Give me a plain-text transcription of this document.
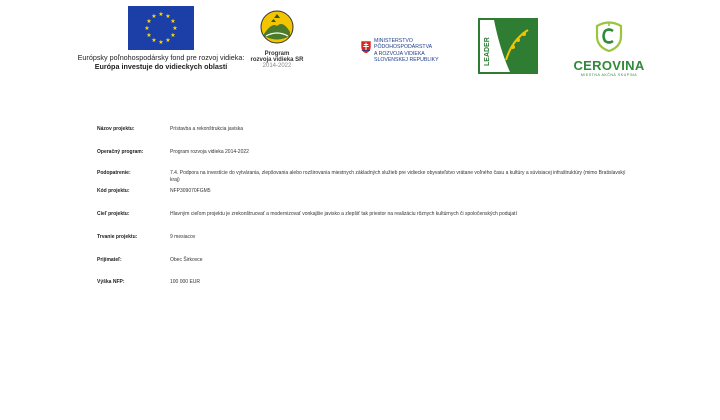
★ ★
★
★
★
★
★
★
★
★
★
★
Európsky poľnohospodársky fond pre rozvoj vidieka:
Európa investuje do vidieckych oblastí
Program
rozvoja vidieka SR
2014-2022
MINISTERSTVO
PÔDOHOSPODÁRSTVA
A ROZVOJA VIDIEKA
SLOVENSKEJ REPUBLIKY	LEADER	CEROVINA
MIESTNA AKČNÁ SKUPINA
Názov projektu:	Prístavba a rekonštrukcia javiska
Operačný program:	Program rozvoja vidieka 2014-2022
Podopatrenie:	7.4. Podpora na investície do vytvárania, zlepšovania alebo rozširovania miestnych základných služieb pre vidiecke obyvateľstvo vrátane voľného času a kultúry a súvisiacej infraštruktúry (mimo Bratislavský kraj)
Kód projektu:	NFP309070FGM5
Cieľ projektu:	Hlavným cieľom projektu je zrekonštruovať a modernizovať vonkajšie javisko a zlepšiť tak priestor na realizáciu rôznych kultúrnych či spoločenských podujatí
Trvanie projektu:	9 mesiacov
Prijímateľ:	Obec Širkovce
Výška NFP:	100 000 EUR
